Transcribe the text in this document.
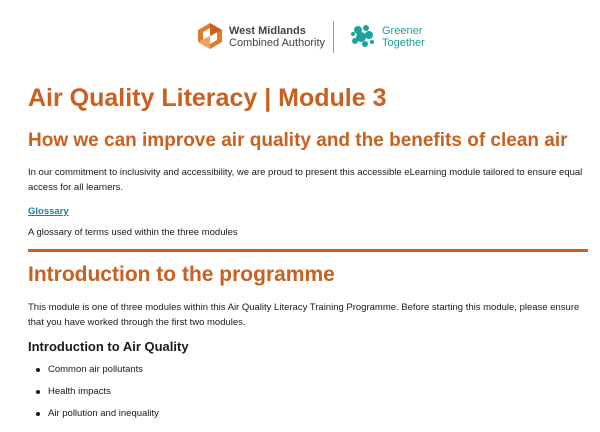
West Midlands
Combined Authority
Greener
Together
Air Quality Literacy | Module 3
How we can improve air quality and the benefits of clean air

In our commitment to inclusivity and accessibility, we are proud to present this accessible eLearning module tailored to ensure equal access for all learners.

Glossary

A glossary of terms used within the three modules

Introduction to the programme

This module is one of three modules within this Air Quality Literacy Training Programme. Before starting this module, please ensure that you have worked through the first two modules.

Introduction to Air Quality
Common air pollutants
Health impacts
Air pollution and inequality
